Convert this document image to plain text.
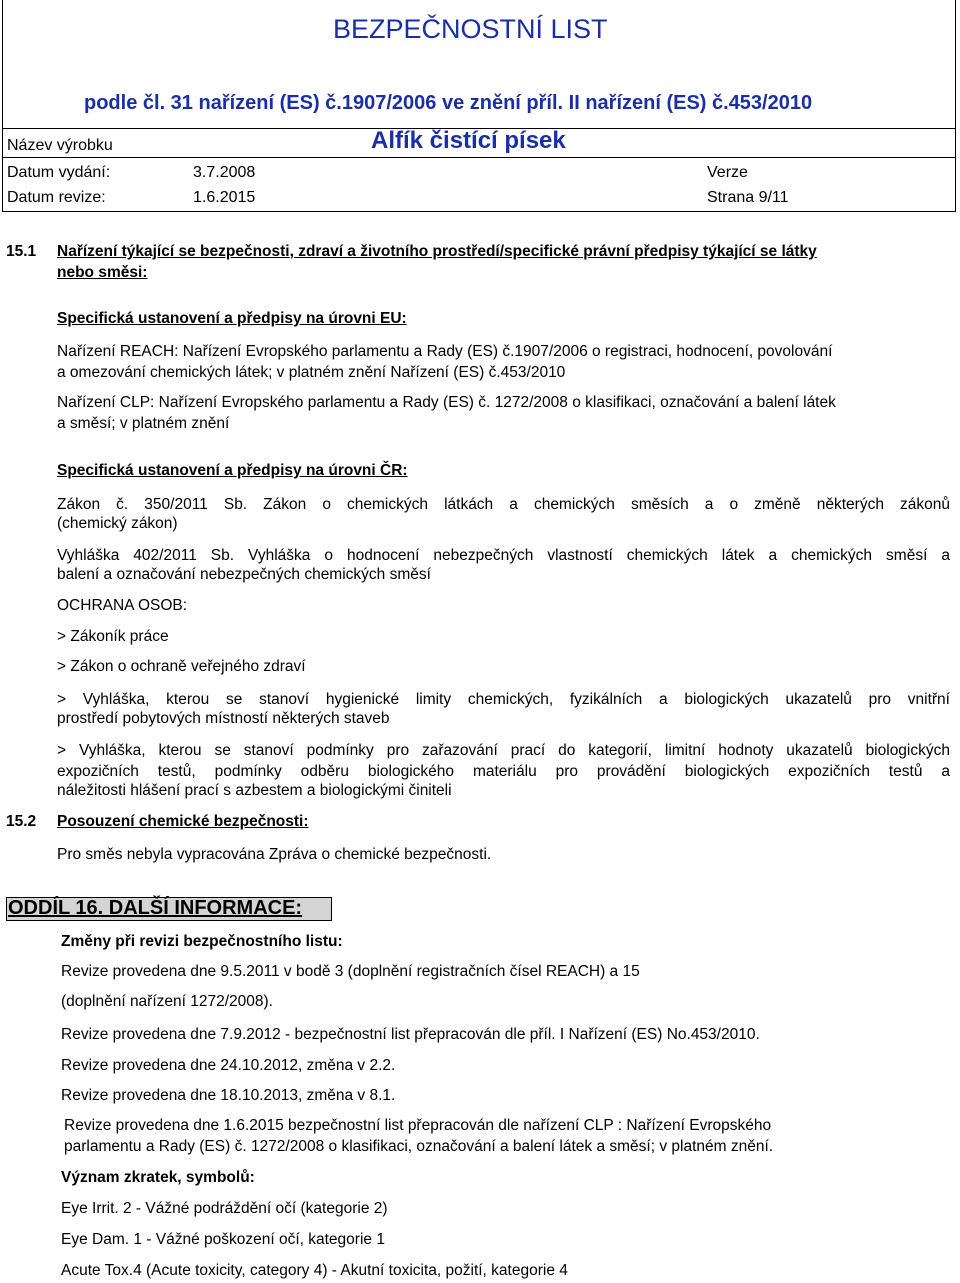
BEZPEČNOSTNÍ LIST
podle čl. 31 nařízení (ES) č.1907/2006 ve znění příl. II nařízení (ES) č.453/2010
Název výrobku	Alfík čistící písek
Datum vydání:	3.7.2008	Verze
Datum revize:	1.6.2015	Strana 9/11
15.1 Nařízení týkající se bezpečnosti, zdraví a životního prostředí/specifické právní předpisy týkající se látky
nebo směsi:
Specifická ustanovení a předpisy na úrovni EU:
Nařízení REACH: Nařízení Evropského parlamentu a Rady (ES) č.1907/2006 o registraci, hodnocení, povolování
a omezování chemických látek; v platném znění Nařízení (ES) č.453/2010
Nařízení CLP: Nařízení Evropského parlamentu a Rady (ES) č. 1272/2008 o klasifikaci, označování a balení látek
a směsí; v platném znění
Specifická ustanovení a předpisy na úrovni ČR:
Zákon č. 350/2011 Sb. Zákon o chemických látkách a chemických směsích a o změně některých zákonů
(chemický zákon)
Vyhláška 402/2011 Sb. Vyhláška o hodnocení nebezpečných vlastností chemických látek a chemických směsí a
balení a označování nebezpečných chemických směsí
OCHRANA OSOB:
> Zákoník práce
> Zákon o ochraně veřejného zdraví
> Vyhláška, kterou se stanoví hygienické limity chemických, fyzikálních a biologických ukazatelů pro vnitřní
prostředí pobytových místností některých staveb
> Vyhláška, kterou se stanoví podmínky pro zařazování prací do kategorií, limitní hodnoty ukazatelů biologických
expozičních testů, podmínky odběru biologického materiálu pro provádění biologických expozičních testů a
náležitosti hlášení prací s azbestem a biologickými činiteli
15.2 Posouzení chemické bezpečnosti:
Pro směs nebyla vypracována Zpráva o chemické bezpečnosti.
ODDÍL 16. DALŠÍ INFORMACE:
Změny při revizi bezpečnostního listu:
Revize provedena dne 9.5.2011 v bodě 3 (doplnění registračních čísel REACH) a 15
(doplnění nařízení 1272/2008).
Revize provedena dne 7.9.2012 - bezpečnostní list přepracován dle příl. I Nařízení (ES) No.453/2010.
Revize provedena dne 24.10.2012, změna v 2.2.
Revize provedena dne 18.10.2013, změna v 8.1.
Revize provedena dne 1.6.2015 bezpečnostní list přepracován dle nařízení CLP : Nařízení Evropského
parlamentu a Rady (ES) č. 1272/2008 o klasifikaci, označování a balení látek a směsí; v platném znění.
Význam zkratek, symbolů:
Eye Irrit. 2 - Vážné podráždění očí (kategorie 2)
Eye Dam. 1 - Vážné poškození očí, kategorie 1
Acute Tox.4 (Acute toxicity, category 4) - Akutní toxicita, požití, kategorie 4
